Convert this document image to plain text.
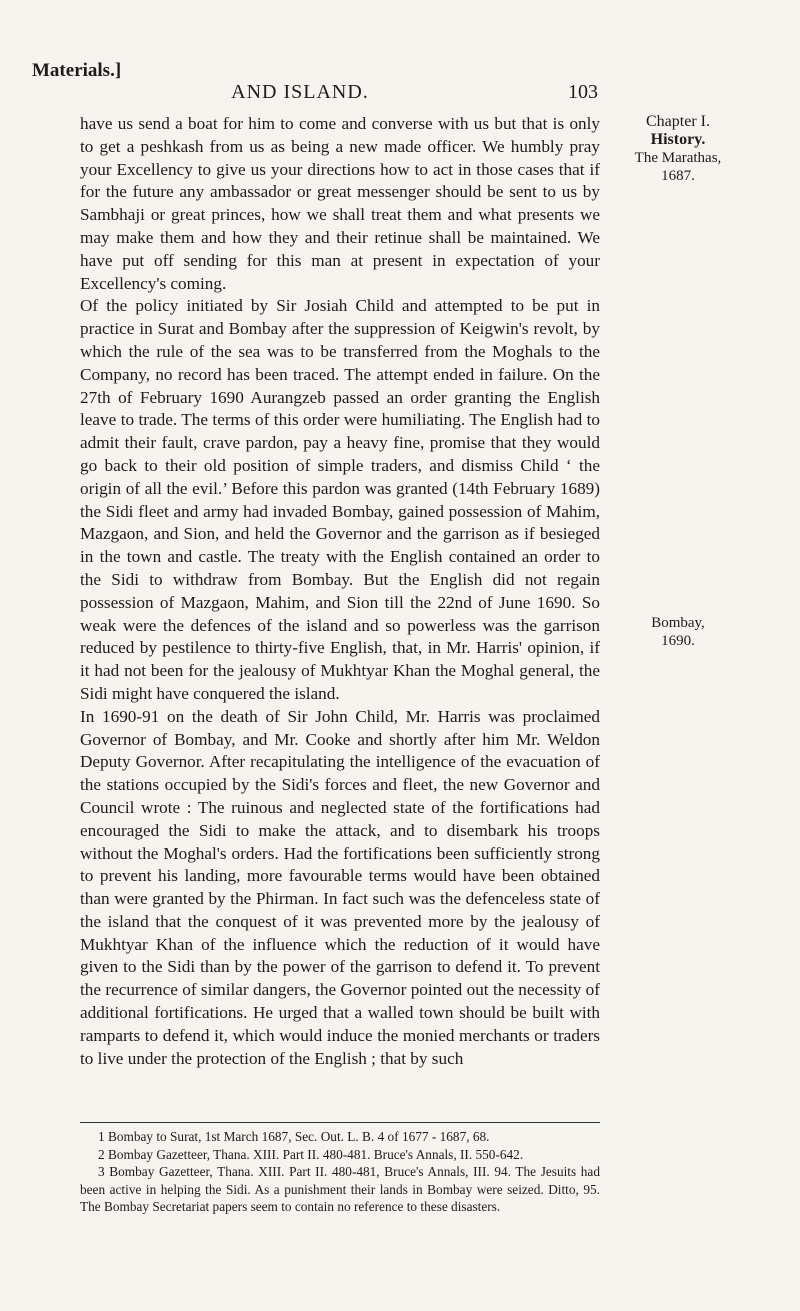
Materials.]
AND ISLAND.	103

have us send a boat for him to come and converse with us but that is only to get a peshkash from us as being a new made officer. We humbly pray your Excellency to give us your directions how to act in those cases that if for the future any ambassador or great messenger should be sent to us by Sambhaji or great princes, how we shall treat them and what presents we may make them and how they and their retinue shall be maintained. We have put off sending for this man at present in expectation of your Excellency's coming.

Of the policy initiated by Sir Josiah Child and attempted to be put in practice in Surat and Bombay after the suppression of Keigwin's revolt, by which the rule of the sea was to be transferred from the Moghals to the Company, no record has been traced. The attempt ended in failure. On the 27th of February 1690 Aurangzeb passed an order granting the English leave to trade. The terms of this order were humiliating. The English had to admit their fault, crave pardon, pay a heavy fine, promise that they would go back to their old position of simple traders, and dismiss Child ‘ the origin of all the evil.’ Before this pardon was granted (14th February 1689) the Sidi fleet and army had invaded Bombay, gained possession of Mahim, Mazgaon, and Sion, and held the Governor and the garrison as if besieged in the town and castle. The treaty with the English contained an order to the Sidi to withdraw from Bombay. But the English did not regain possession of Mazgaon, Mahim, and Sion till the 22nd of June 1690. So weak were the defences of the island and so powerless was the garrison reduced by pestilence to thirty-five English, that, in Mr. Harris' opinion, if it had not been for the jealousy of Mukhtyar Khan the Moghal general, the Sidi might have conquered the island.

In 1690-91 on the death of Sir John Child, Mr. Harris was proclaimed Governor of Bombay, and Mr. Cooke and shortly after him Mr. Weldon Deputy Governor. After recapitulating the intelligence of the evacuation of the stations occupied by the Sidi's forces and fleet, the new Governor and Council wrote : The ruinous and neglected state of the fortifications had encouraged the Sidi to make the attack, and to disembark his troops without the Moghal's orders. Had the fortifications been sufficiently strong to prevent his landing, more favourable terms would have been obtained than were granted by the Phirman. In fact such was the defenceless state of the island that the conquest of it was prevented more by the jealousy of Mukhtyar Khan of the influence which the reduction of it would have given to the Sidi than by the power of the garrison to defend it. To prevent the recurrence of similar dangers, the Governor pointed out the necessity of additional fortifications. He urged that a walled town should be built with ramparts to defend it, which would induce the monied merchants or traders to live under the protection of the English ; that by such

Chapter I.
History.
The Marathas,
1687.
Bombay,
1690.

1 Bombay to Surat, 1st March 1687, Sec. Out. L. B. 4 of 1677 - 1687, 68.

2 Bombay Gazetteer, Thana. XIII. Part II. 480-481. Bruce's Annals, II. 550-642.

3 Bombay Gazetteer, Thana. XIII. Part II. 480-481, Bruce's Annals, III. 94. The Jesuits had been active in helping the Sidi. As a punishment their lands in Bombay were seized. Ditto, 95. The Bombay Secretariat papers seem to contain no reference to these disasters.
